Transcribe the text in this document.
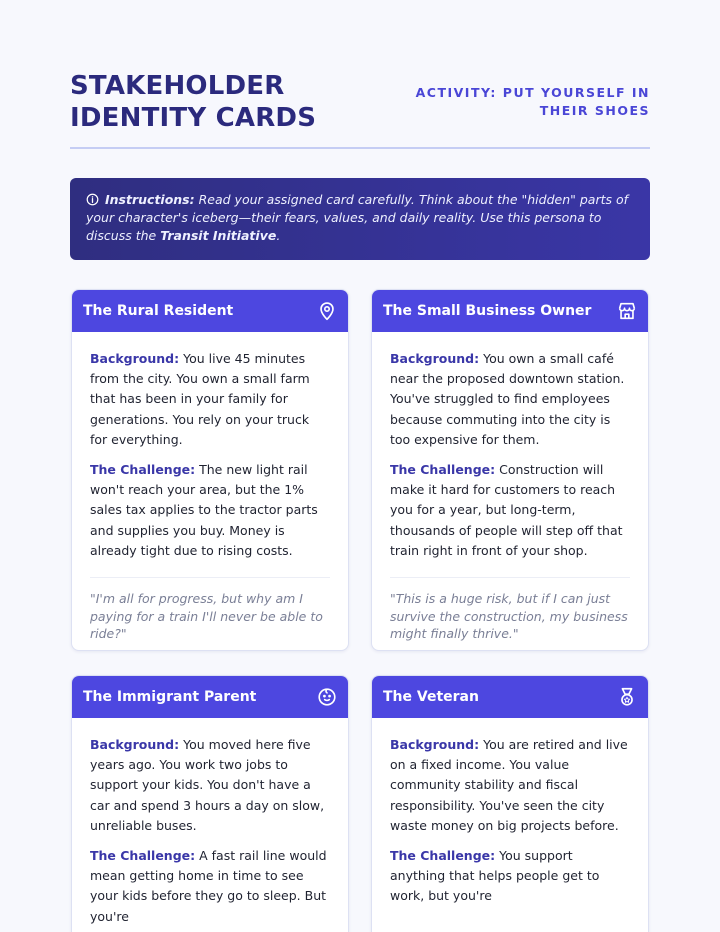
STAKEHOLDER IDENTITY CARDS
ACTIVITY: PUT YOURSELF IN THEIR SHOES
Instructions: Read your assigned card carefully. Think about the "hidden" parts of your character's iceberg—their fears, values, and daily reality. Use this persona to discuss the Transit Initiative.
The Rural Resident

Background: You live 45 minutes from the city. You own a small farm that has been in your family for generations. You rely on your truck for everything.

The Challenge: The new light rail won't reach your area, but the 1% sales tax applies to the tractor parts and supplies you buy. Money is already tight due to rising costs.

"I'm all for progress, but why am I paying for a train I'll never be able to ride?"
The Small Business Owner

Background: You own a small café near the proposed downtown station. You've struggled to find employees because commuting into the city is too expensive for them.

The Challenge: Construction will make it hard for customers to reach you for a year, but long-term, thousands of people will step off that train right in front of your shop.

"This is a huge risk, but if I can just survive the construction, my business might finally thrive."
The Immigrant Parent

Background: You moved here five years ago. You work two jobs to support your kids. You don't have a car and spend 3 hours a day on slow, unreliable buses.

The Challenge: A fast rail line would mean getting home in time to see your kids before they go to sleep. But you're

The Veteran

Background: You are retired and live on a fixed income. You value community stability and fiscal responsibility. You've seen the city waste money on big projects before.

The Challenge: You support anything that helps people get to work, but you're
